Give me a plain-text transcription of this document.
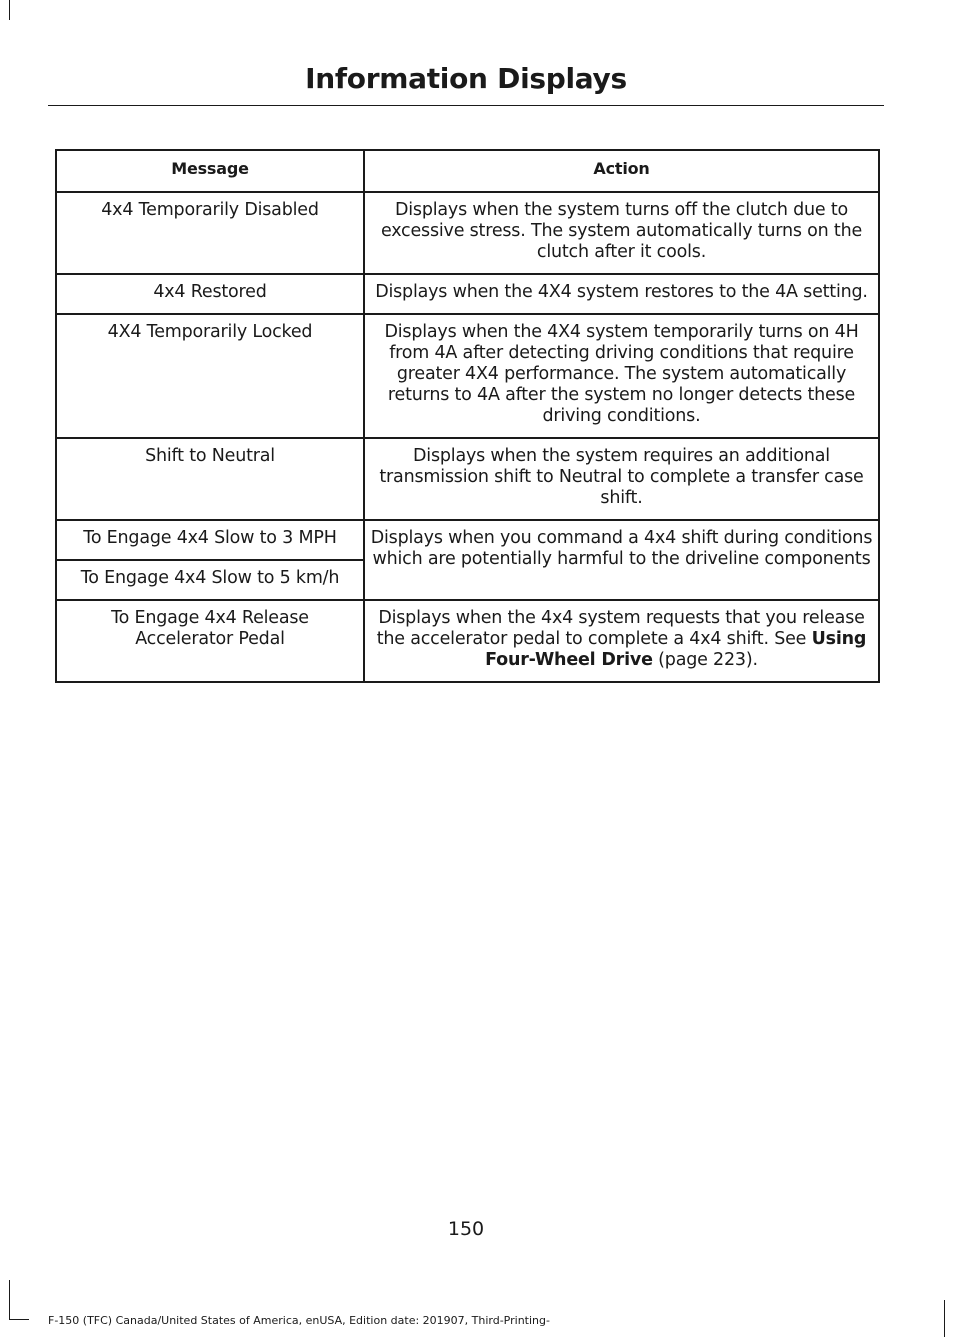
Information Displays
Message	Action
4x4 Temporarily Disabled	Displays when the system turns off the clutch due to excessive stress. The system automatically turns on the clutch after it cools.
4x4 Restored	Displays when the 4X4 system restores to the 4A setting.
4X4 Temporarily Locked	Displays when the 4X4 system temporarily turns on 4H from 4A after detecting driving conditions that require greater 4X4 performance. The system automatically returns to 4A after the system no longer detects these driving conditions.
Shift to Neutral	Displays when the system requires an additional transmission shift to Neutral to complete a transfer case shift.
To Engage 4x4 Slow to 3 MPH	Displays when you command a 4x4 shift during conditions which are potentially harmful to the driveline components
To Engage 4x4 Slow to 5 km/h	
To Engage 4x4 Release Accelerator Pedal	Displays when the 4x4 system requests that you release the accelerator pedal to complete a 4x4 shift. See Using Four-Wheel Drive (page 223).
150
F-150 (TFC) Canada/United States of America, enUSA, Edition date: 201907, Third-Printing-
